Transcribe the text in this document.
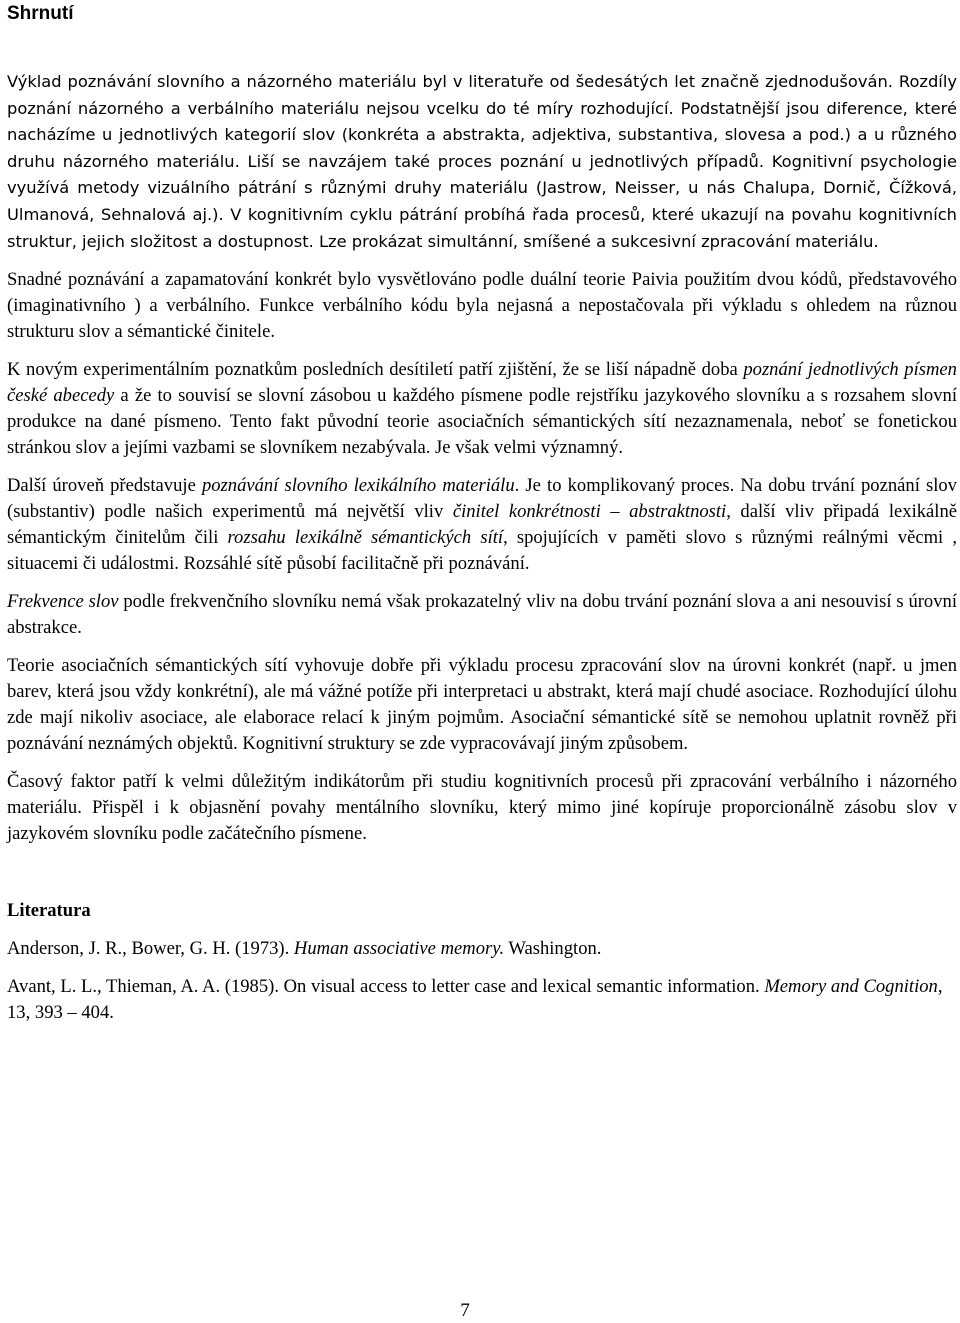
Shrnutí

Výklad poznávání slovního a názorného materiálu byl v literatuře od šedesátých let značně zjednodušován. Rozdíly poznání názorného a verbálního materiálu nejsou vcelku do té míry rozhodující. Podstatnější jsou diference, které nacházíme u jednotlivých kategorií slov (konkréta a abstrakta, adjektiva, substantiva, slovesa a pod.) a u různého druhu názorného materiálu. Liší se navzájem také proces poznání u jednotlivých případů. Kognitivní psychologie využívá metody vizuálního pátrání s různými druhy materiálu (Jastrow, Neisser, u nás Chalupa, Dornič, Čížková, Ulmanová, Sehnalová aj.). V kognitivním cyklu pátrání probíhá řada procesů, které ukazují na povahu kognitivních struktur, jejich složitost a dostupnost. Lze prokázat simultánní, smíšené a sukcesivní zpracování materiálu.

Snadné poznávání a zapamatování konkrét bylo vysvětlováno podle duální teorie Paivia použitím dvou kódů, představového (imaginativního ) a verbálního. Funkce verbálního kódu byla nejasná a nepostačovala při výkladu s ohledem na různou strukturu slov a sémantické činitele.

K novým experimentálním poznatkům posledních desítiletí patří zjištění, že se liší nápadně doba poznání jednotlivých písmen české abecedy a že to souvisí se slovní zásobou u každého písmene podle rejstříku jazykového slovníku a s rozsahem slovní produkce na dané písmeno. Tento fakt původní teorie asociačních sémantických sítí nezaznamenala, neboť se fonetickou stránkou slov a jejími vazbami se slovníkem nezabývala. Je však velmi významný.

Další úroveň představuje poznávání slovního lexikálního materiálu. Je to komplikovaný proces. Na dobu trvání poznání slov (substantiv) podle našich experimentů má největší vliv činitel konkrétnosti – abstraktnosti, další vliv připadá lexikálně sémantickým činitelům čili rozsahu lexikálně sémantických sítí, spojujících v paměti slovo s různými reálnými věcmi , situacemi či událostmi. Rozsáhlé sítě působí facilitačně při poznávání.

Frekvence slov podle frekvenčního slovníku nemá však prokazatelný vliv na dobu trvání poznání slova a ani nesouvisí s úrovní abstrakce.

Teorie asociačních sémantických sítí vyhovuje dobře při výkladu procesu zpracování slov na úrovni konkrét (např. u jmen barev, která jsou vždy konkrétní), ale má vážné potíže při interpretaci u abstrakt, která mají chudé asociace. Rozhodující úlohu zde mají nikoliv asociace, ale elaborace relací k jiným pojmům. Asociační sémantické sítě se nemohou uplatnit rovněž při poznávání neznámých objektů. Kognitivní struktury se zde vypracovávají jiným způsobem.

Časový faktor patří k velmi důležitým indikátorům při studiu kognitivních procesů při zpracování verbálního i názorného materiálu. Přispěl i k objasnění povahy mentálního slovníku, který mimo jiné kopíruje proporcionálně zásobu slov v jazykovém slovníku podle začátečního písmene.

Literatura
Anderson, J. R., Bower, G. H. (1973). Human associative memory. Washington.
Avant, L. L., Thieman, A. A. (1985). On visual access to letter case and lexical semantic information. Memory and Cognition, 13, 393 – 404.
7
